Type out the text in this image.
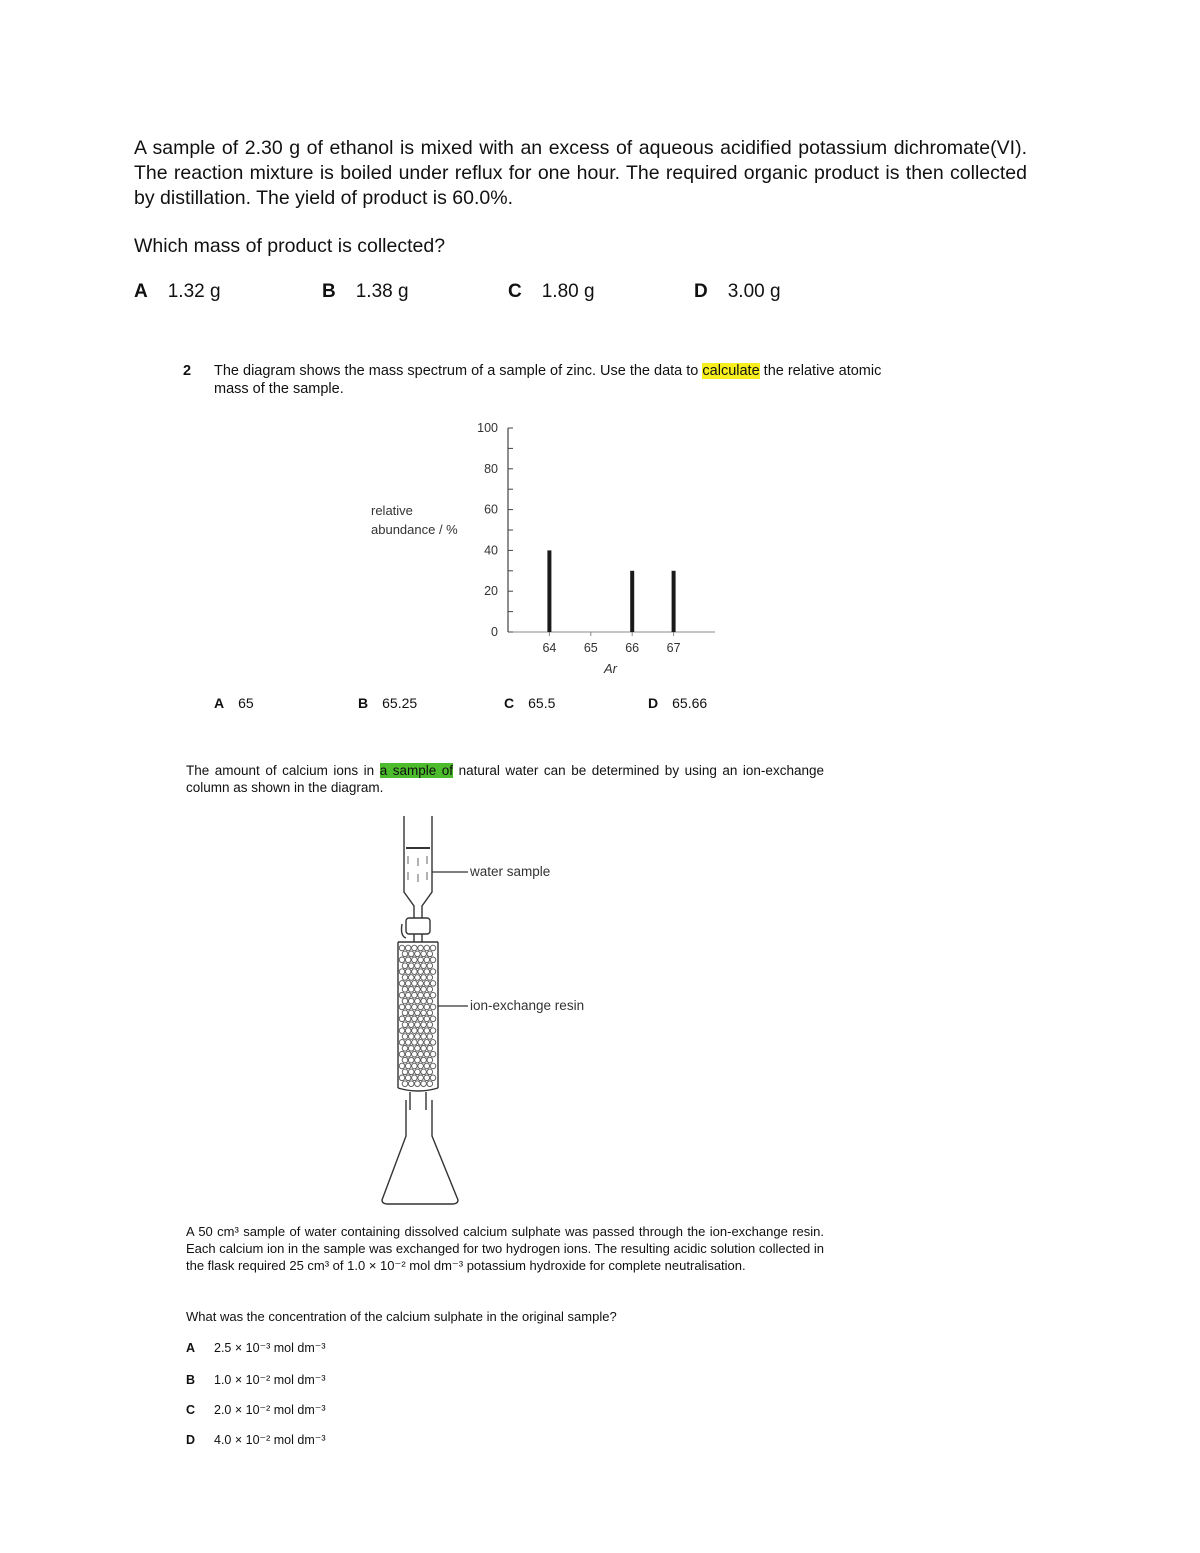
A sample of 2.30 g of ethanol is mixed with an excess of aqueous acidified potassium dichromate(VI). The reaction mixture is boiled under reflux for one hour. The required organic product is then collected by distillation. The yield of product is 60.0%.
Which mass of product is collected?
A 1.32 g	B 1.38 g	C 1.80 g	D 3.00 g
2 The diagram shows the mass spectrum of a sample of zinc. Use the data to calculate the relative atomic mass of the sample.
0
20
40
60
80
100
64 65 66 67
relative
abundance / %
Ar
A 65	B 65.25	C 65.5	D 65.66
The amount of calcium ions in a sample of natural water can be determined by using an ion-exchange column as shown in the diagram.
water sample
ion-exchange resin
A 50 cm³ sample of water containing dissolved calcium sulphate was passed through the ion-exchange resin. Each calcium ion in the sample was exchanged for two hydrogen ions. The resulting acidic solution collected in the flask required 25 cm³ of 1.0 × 10⁻² mol dm⁻³ potassium hydroxide for complete neutralisation.
What was the concentration of the calcium sulphate in the original sample?
A 2.5 × 10⁻³ mol dm⁻³
B 1.0 × 10⁻² mol dm⁻³
C 2.0 × 10⁻² mol dm⁻³
D 4.0 × 10⁻² mol dm⁻³
